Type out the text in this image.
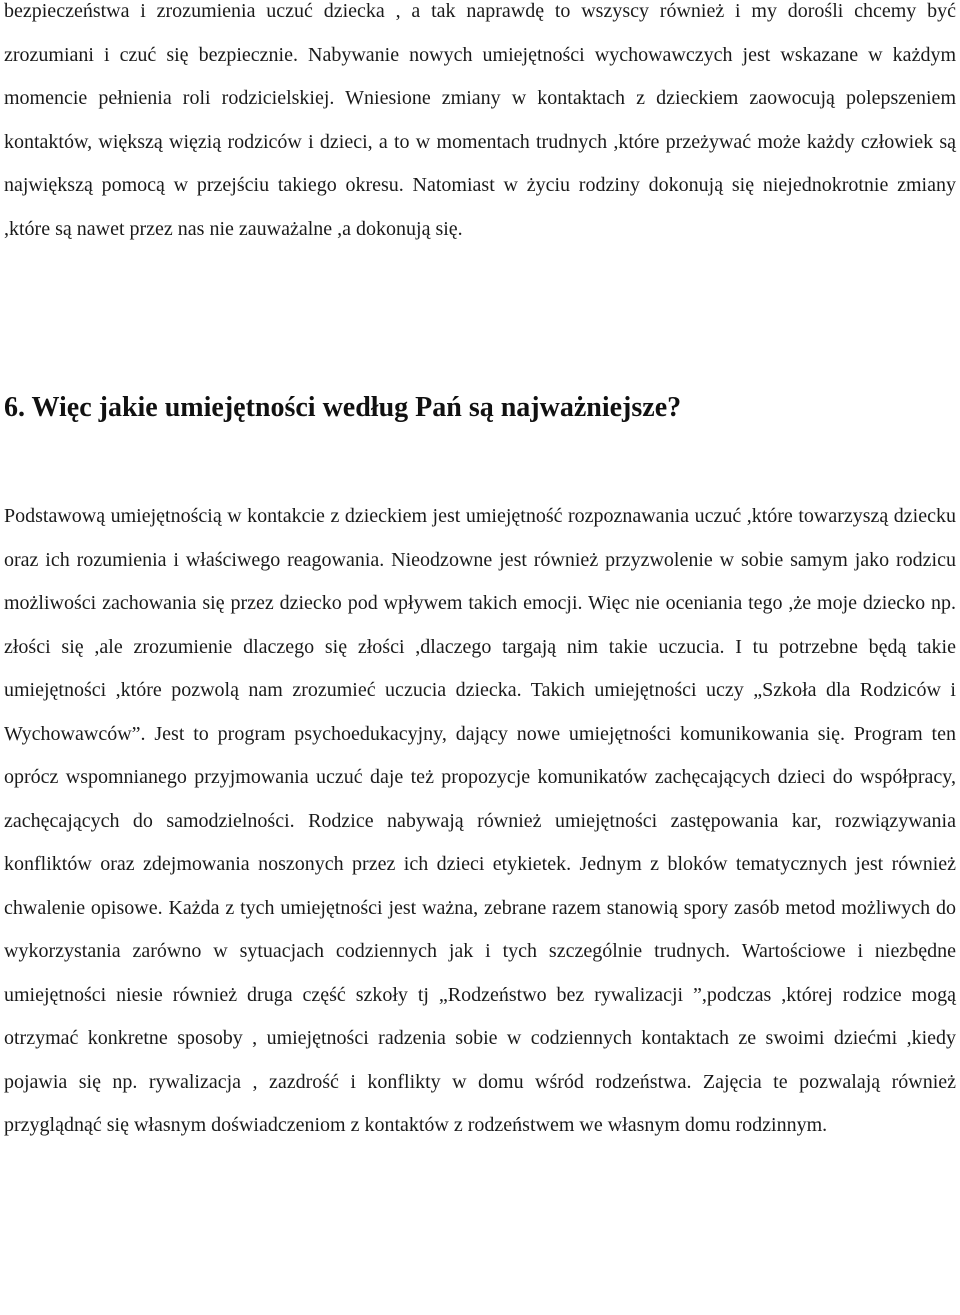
bezpieczeństwa i zrozumienia uczuć dziecka , a tak naprawdę to wszyscy również i my dorośli chcemy być zrozumiani i czuć się bezpiecznie. Nabywanie nowych umiejętności wychowawczych jest wskazane w każdym momencie pełnienia roli rodzicielskiej. Wniesione zmiany w kontaktach z dzieckiem zaowocują polepszeniem kontaktów, większą więzią rodziców i dzieci, a to w momentach trudnych ,które przeżywać może każdy człowiek są największą pomocą w przejściu takiego okresu. Natomiast w życiu rodziny dokonują się niejednokrotnie zmiany ,które są nawet przez nas nie zauważalne ,a dokonują się.

6. Więc jakie umiejętności według Pań są najważniejsze?

Podstawową umiejętnością w kontakcie z dzieckiem jest umiejętność rozpoznawania uczuć ,które towarzyszą dziecku oraz ich rozumienia i właściwego reagowania. Nieodzowne jest również przyzwolenie w sobie samym jako rodzicu możliwości zachowania się przez dziecko pod wpływem takich emocji. Więc nie oceniania tego ,że moje dziecko np. złości się ,ale zrozumienie dlaczego się złości ,dlaczego targają nim takie uczucia. I tu potrzebne będą takie umiejętności ,które pozwolą nam zrozumieć uczucia dziecka. Takich umiejętności uczy „Szkoła dla Rodziców i Wychowawców”. Jest to program psychoedukacyjny, dający nowe umiejętności komunikowania się. Program ten oprócz wspomnianego przyjmowania uczuć daje też propozycje komunikatów zachęcających dzieci do współpracy, zachęcających do samodzielności. Rodzice nabywają również umiejętności zastępowania kar, rozwiązywania konfliktów oraz zdejmowania noszonych przez ich dzieci etykietek. Jednym z bloków tematycznych jest również chwalenie opisowe. Każda z tych umiejętności jest ważna, zebrane razem stanowią spory zasób metod możliwych do wykorzystania zarówno w sytuacjach codziennych jak i tych szczególnie trudnych. Wartościowe i niezbędne umiejętności niesie również druga część szkoły tj „Rodzeństwo bez rywalizacji ”,podczas ,której rodzice mogą otrzymać konkretne sposoby , umiejętności radzenia sobie w codziennych kontaktach ze swoimi dziećmi ,kiedy pojawia się np. rywalizacja , zazdrość i konflikty w domu wśród rodzeństwa. Zajęcia te pozwalają również przyglądnąć się własnym doświadczeniom z kontaktów z rodzeństwem we własnym domu rodzinnym.
